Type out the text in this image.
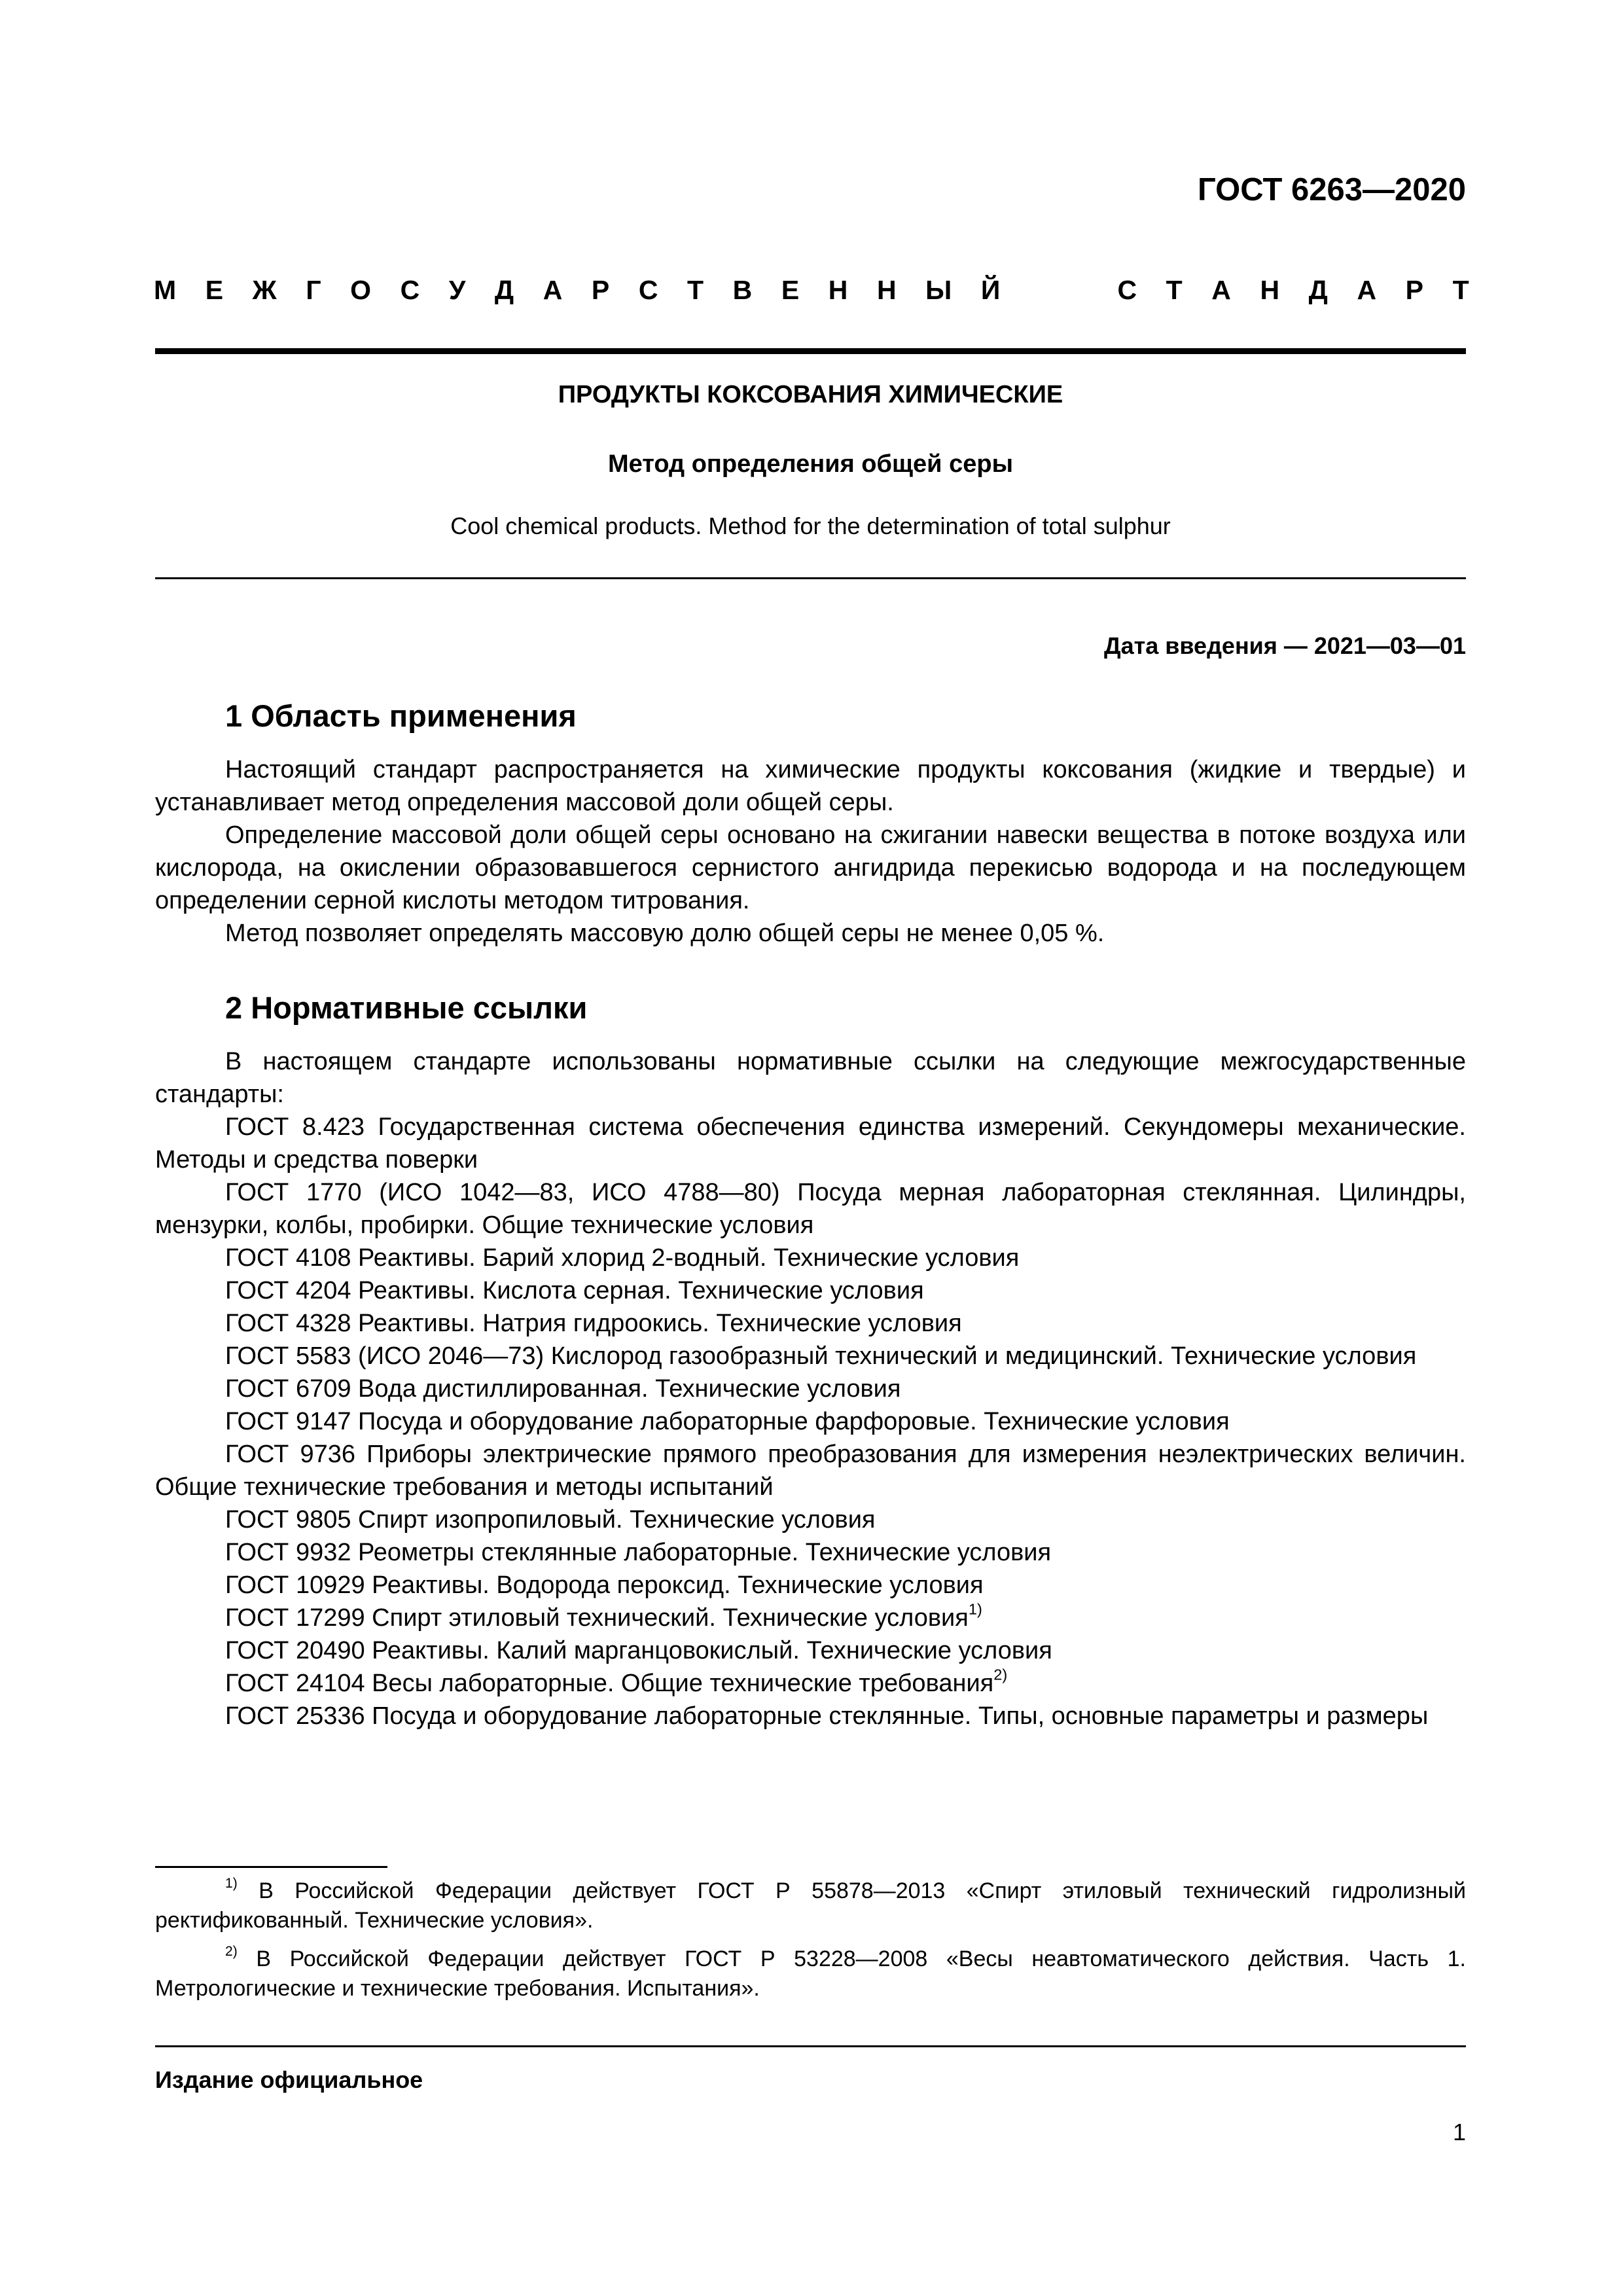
ГОСТ 6263—2020
М Е Ж Г О С У Д А Р С Т В Е Н Н Ы Й	С Т А Н Д А Р Т
ПРОДУКТЫ КОКСОВАНИЯ ХИМИЧЕСКИЕ
Метод определения общей серы
Cool chemical products. Method for the determination of total sulphur
Дата введения — 2021—03—01
1 Область применения

Настоящий стандарт распространяется на химические продукты коксования (жидкие и твердые) и устанавливает метод определения массовой доли общей серы.

Определение массовой доли общей серы основано на сжигании навески вещества в потоке воздуха или кислорода, на окислении образовавшегося сернистого ангидрида перекисью водорода и на последующем определении серной кислоты методом титрования.

Метод позволяет определять массовую долю общей серы не менее 0,05 %.

2 Нормативные ссылки

В настоящем стандарте использованы нормативные ссылки на следующие межгосударственные стандарты:

ГОСТ 8.423 Государственная система обеспечения единства измерений. Секундомеры механические. Методы и средства поверки

ГОСТ 1770 (ИСО 1042—83, ИСО 4788—80) Посуда мерная лабораторная стеклянная. Цилиндры, мензурки, колбы, пробирки. Общие технические условия

ГОСТ 4108 Реактивы. Барий хлорид 2-водный. Технические условия

ГОСТ 4204 Реактивы. Кислота серная. Технические условия

ГОСТ 4328 Реактивы. Натрия гидроокись. Технические условия

ГОСТ 5583 (ИСО 2046—73) Кислород газообразный технический и медицинский. Технические условия

ГОСТ 6709 Вода дистиллированная. Технические условия

ГОСТ 9147 Посуда и оборудование лабораторные фарфоровые. Технические условия

ГОСТ 9736 Приборы электрические прямого преобразования для измерения неэлектрических величин. Общие технические требования и методы испытаний

ГОСТ 9805 Спирт изопропиловый. Технические условия

ГОСТ 9932 Реометры стеклянные лабораторные. Технические условия

ГОСТ 10929 Реактивы. Водорода пероксид. Технические условия

ГОСТ 17299 Спирт этиловый технический. Технические условия$^{1)}$

ГОСТ 20490 Реактивы. Калий марганцовокислый. Технические условия

ГОСТ 24104 Весы лабораторные. Общие технические требования$^{2)}$

ГОСТ 25336 Посуда и оборудование лабораторные стеклянные. Типы, основные параметры и размеры

$^{1)}$ В Российской Федерации действует ГОСТ Р 55878—2013 «Спирт этиловый технический гидролизный ректификованный. Технические условия».

$^{2)}$ В Российской Федерации действует ГОСТ Р 53228—2008 «Весы неавтоматического действия. Часть 1. Метрологические и технические требования. Испытания».

Издание официальное
1
